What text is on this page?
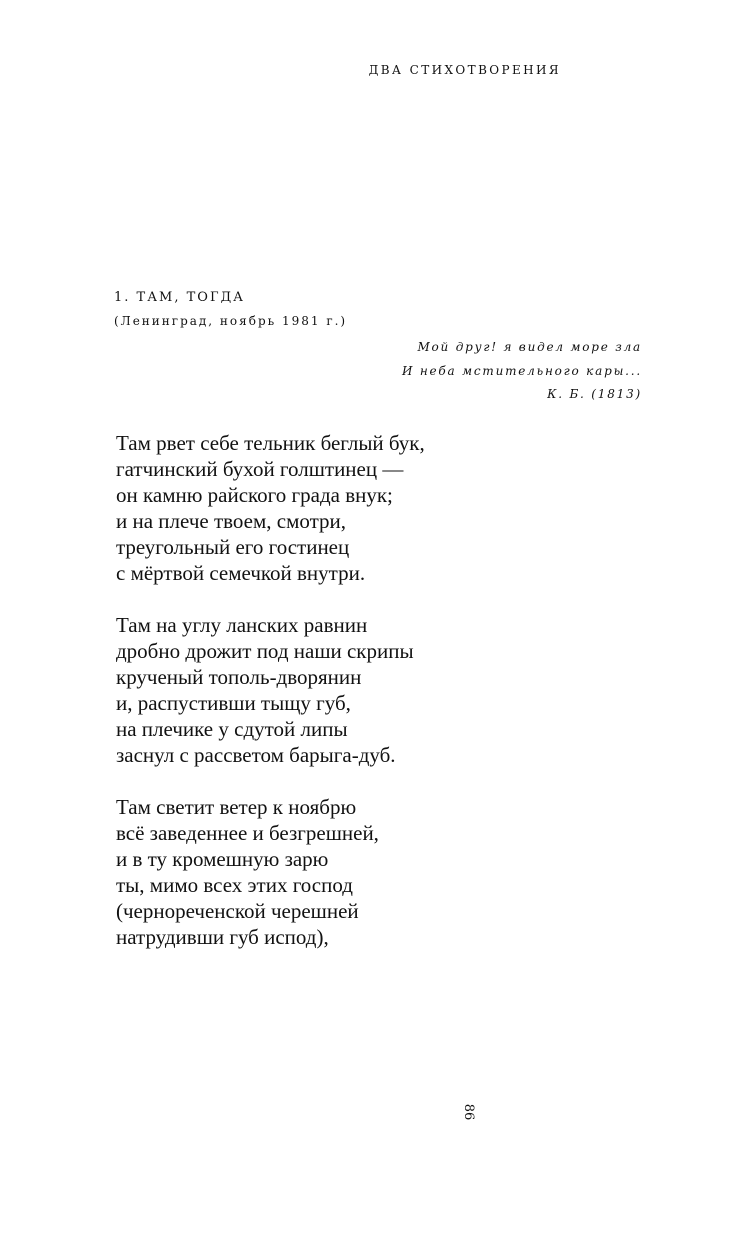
ДВА СТИХОТВОРЕНИЯ
1. ТАМ, ТОГДА
(Ленинград, ноябрь 1981 г.)
Мой друг! я видел море зла
И неба мстительного кары...
К. Б. (1813)
Там рвет себе тельник беглый бук,
гатчинский бухой голштинец —
он камню райского града внук;
и на плече твоем, смотри,
треугольный его гостинец
с мёртвой семечкой внутри.
Там на углу ланских равнин
дробно дрожит под наши скрипы
крученый тополь-дворянин
и, распустивши тыщу губ,
на плечике у сдутой липы
заснул с рассветом барыга-дуб.
Там светит ветер к ноябрю
всё заведеннее и безгрешней,
и в ту кромешную зарю
ты, мимо всех этих господ
(чернореченской черешней
натрудивши губ испод),
86
